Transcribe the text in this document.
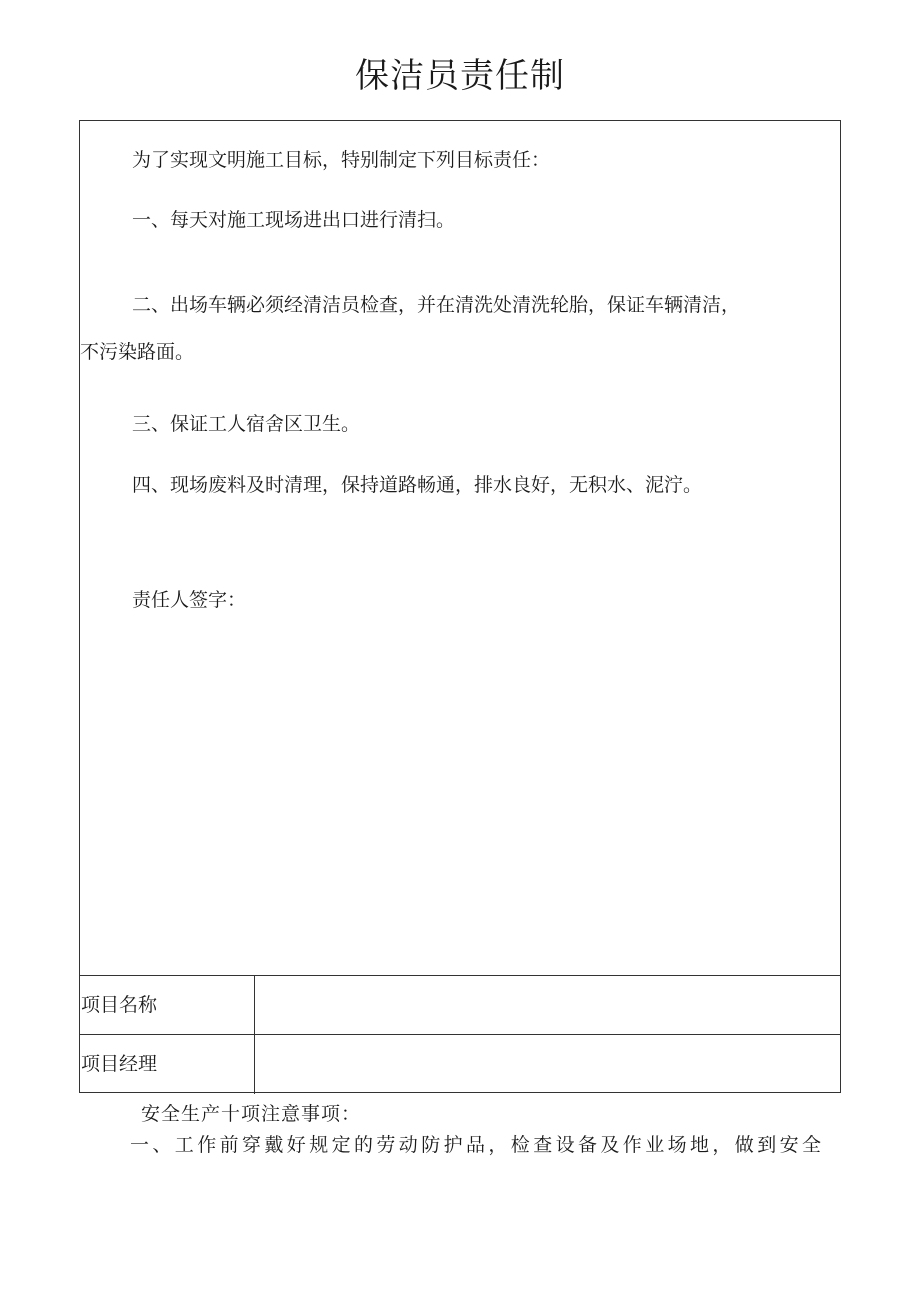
保洁员责任制
为了实现文明施工目标，特别制定下列目标责任：
一、每天对施工现场进出口进行清扫。
二、出场车辆必须经清洁员检查，并在清洗处清洗轮胎，保证车辆清洁，
不污染路面。
三、保证工人宿舍区卫生。
四、现场废料及时清理，保持道路畅通，排水良好，无积水、泥泞。
责任人签字：
项目名称
项目经理
安全生产十项注意事项：
一、工作前穿戴好规定的劳动防护品，检查设备及作业场地，做到安全
